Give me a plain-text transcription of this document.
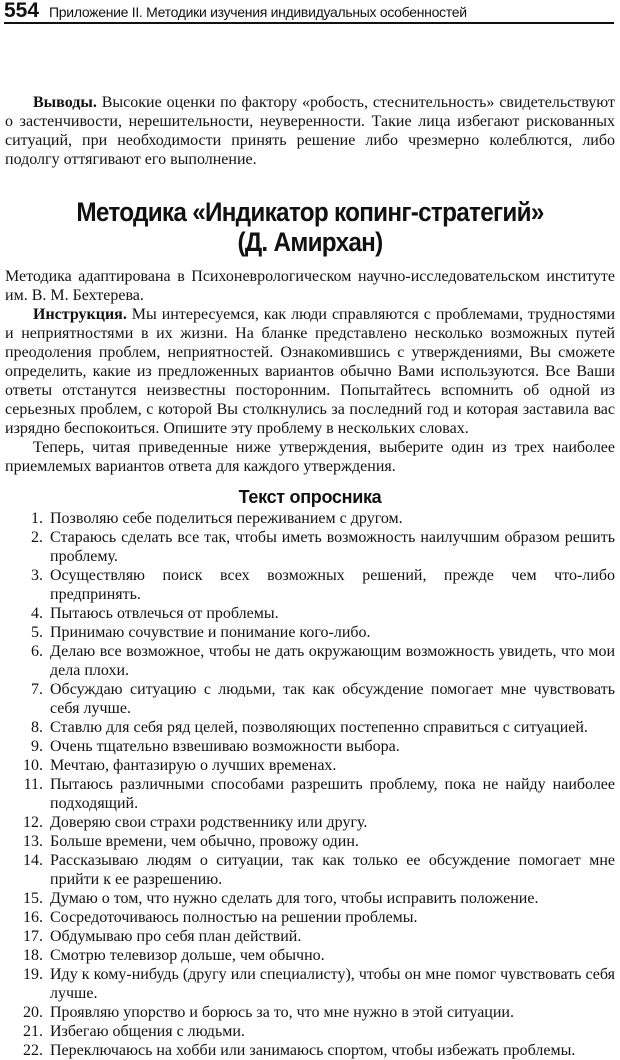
554 Приложение II. Методики изучения индивидуальных особенностей

Выводы. Высокие оценки по фактору «робость, стеснительность» свидетельствуют о застенчивости, нерешительности, неуверенности. Такие лица избегают рискованных ситуаций, при необходимости принять решение либо чрезмерно колеблются, либо подолгу оттягивают его выполнение.

Методика «Индикатор копинг-стратегий»
(Д. Амирхан)

Методика адаптирована в Психоневрологическом научно-исследовательском институте им. В. М. Бехтерева.

Инструкция. Мы интересуемся, как люди справляются с проблемами, трудностями и неприятностями в их жизни. На бланке представлено несколько возможных путей преодоления проблем, неприятностей. Ознакомившись с утверждениями, Вы сможете определить, какие из предложенных вариантов обычно Вами используются. Все Ваши ответы отстанутся неизвестны посторонним. Попытайтесь вспомнить об одной из серьезных проблем, с которой Вы столкнулись за последний год и которая заставила вас изрядно беспокоиться. Опишите эту проблему в нескольких словах.

Теперь, читая приведенные ниже утверждения, выберите один из трех наиболее приемлемых вариантов ответа для каждого утверждения.

Текст опросника
1. Позволяю себе поделиться переживанием с другом.
2. Стараюсь сделать все так, чтобы иметь возможность наилучшим образом решить проблему.
3. Осуществляю поиск всех возможных решений, прежде чем что-либо предпринять.
4. Пытаюсь отвлечься от проблемы.
5. Принимаю сочувствие и понимание кого-либо.
6. Делаю все возможное, чтобы не дать окружающим возможность увидеть, что мои дела плохи.
7. Обсуждаю ситуацию с людьми, так как обсуждение помогает мне чувствовать себя лучше.
8. Ставлю для себя ряд целей, позволяющих постепенно справиться с ситуацией.
9. Очень тщательно взвешиваю возможности выбора.
10. Мечтаю, фантазирую о лучших временах.
11. Пытаюсь различными способами разрешить проблему, пока не найду наиболее подходящий.
12. Доверяю свои страхи родственнику или другу.
13. Больше времени, чем обычно, провожу один.
14. Рассказываю людям о ситуации, так как только ее обсуждение помогает мне прийти к ее разрешению.
15. Думаю о том, что нужно сделать для того, чтобы исправить положение.
16. Сосредоточиваюсь полностью на решении проблемы.
17. Обдумываю про себя план действий.
18. Смотрю телевизор дольше, чем обычно.
19. Иду к кому-нибудь (другу или специалисту), чтобы он мне помог чувствовать себя лучше.
20. Проявляю упорство и борюсь за то, что мне нужно в этой ситуации.
21. Избегаю общения с людьми.
22. Переключаюсь на хобби или занимаюсь спортом, чтобы избежать проблемы.
